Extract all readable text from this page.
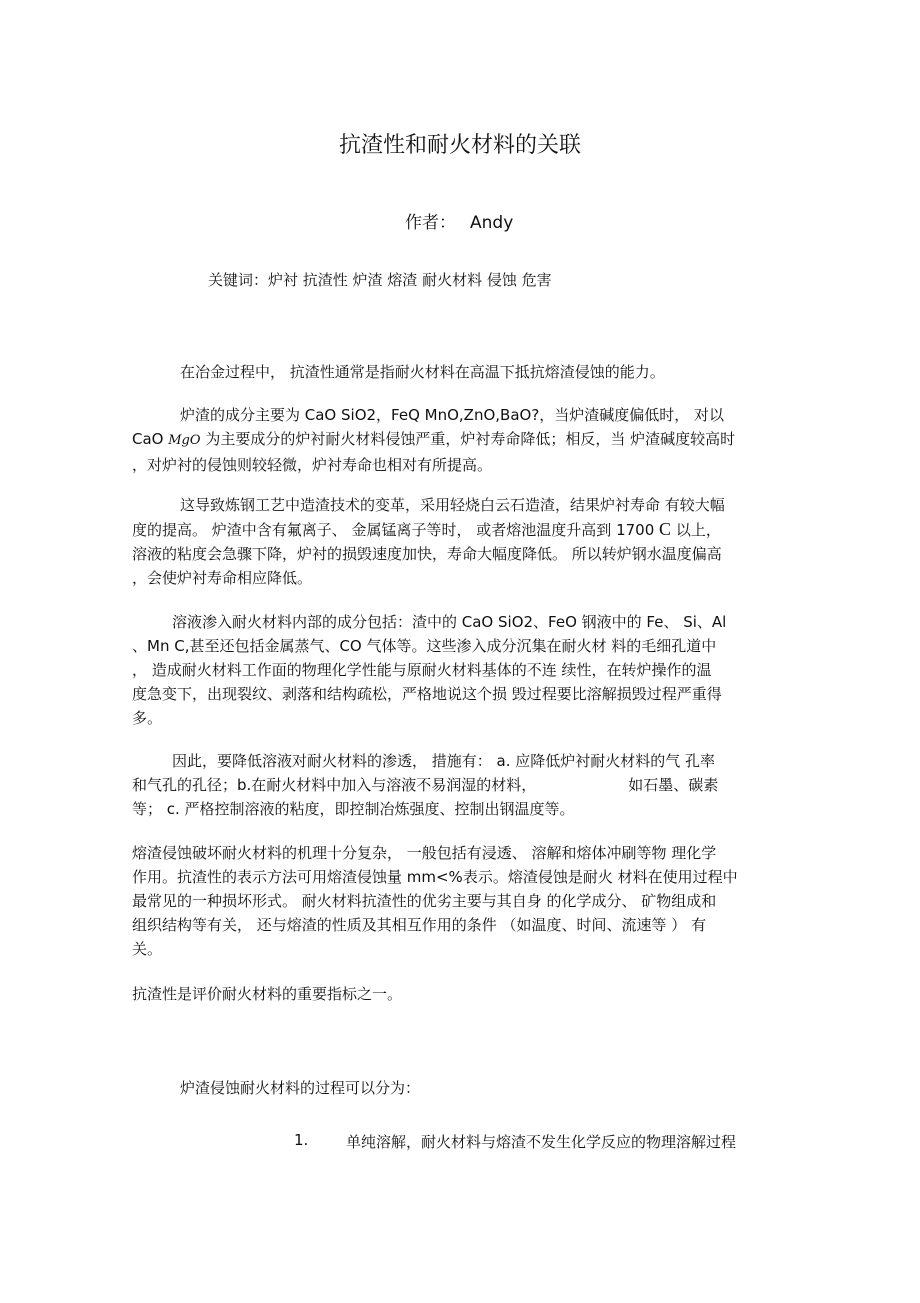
抗渣性和耐火材料的关联
作者： Andy
关键词：炉衬 抗渣性 炉渣 熔渣 耐火材料 侵蚀 危害
在冶金过程中， 抗渣性通常是指耐火材料在高温下抵抗熔渣侵蚀的能力。
炉渣的成分主要为 CaO SiO2，FeQ MnO,ZnO,BaO?，当炉渣碱度偏低时， 对以
CaO MgO 为主要成分的炉衬耐火材料侵蚀严重，炉衬寿命降低；相反，当 炉渣碱度较高时
，对炉衬的侵蚀则较轻微，炉衬寿命也相对有所提高。
这导致炼钢工艺中造渣技术的变革，采用轻烧白云石造渣，结果炉衬寿命 有较大幅
度的提高。 炉渣中含有氟离子、 金属锰离子等时， 或者熔池温度升高到 1700 C 以上，
溶液的粘度会急骤下降，炉衬的损毁速度加快，寿命大幅度降低。 所以转炉钢水温度偏高
，会使炉衬寿命相应降低。
溶液渗入耐火材料内部的成分包括：渣中的 CaO SiO2、FeO 钢液中的 Fe、 Si、Al
、Mn C,甚至还包括金属蒸气、CO 气体等。这些渗入成分沉集在耐火材 料的毛细孔道中
， 造成耐火材料工作面的物理化学性能与原耐火材料基体的不连 续性，在转炉操作的温
度急变下，出现裂纹、剥落和结构疏松，严格地说这个损 毁过程要比溶解损毁过程严重得
多。
因此，要降低溶液对耐火材料的渗透， 措施有： a. 应降低炉衬耐火材料的气 孔率
和气孔的孔径；b.在耐火材料中加入与溶液不易润湿的材料，	如石墨、碳素
等； c. 严格控制溶液的粘度，即控制冶炼强度、控制出钢温度等。
熔渣侵蚀破坏耐火材料的机理十分复杂， 一般包括有浸透、 溶解和熔体冲刷等物 理化学
作用。抗渣性的表示方法可用熔渣侵蚀量 mm<%表示。熔渣侵蚀是耐火 材料在使用过程中
最常见的一种损坏形式。 耐火材料抗渣性的优劣主要与其自身 的化学成分、 矿物组成和
组织结构等有关， 还与熔渣的性质及其相互作用的条件 （如温度、时间、流速等 ） 有
关。
抗渣性是评价耐火材料的重要指标之一。
炉渣侵蚀耐火材料的过程可以分为：
1.	单纯溶解，耐火材料与熔渣不发生化学反应的物理溶解过程
